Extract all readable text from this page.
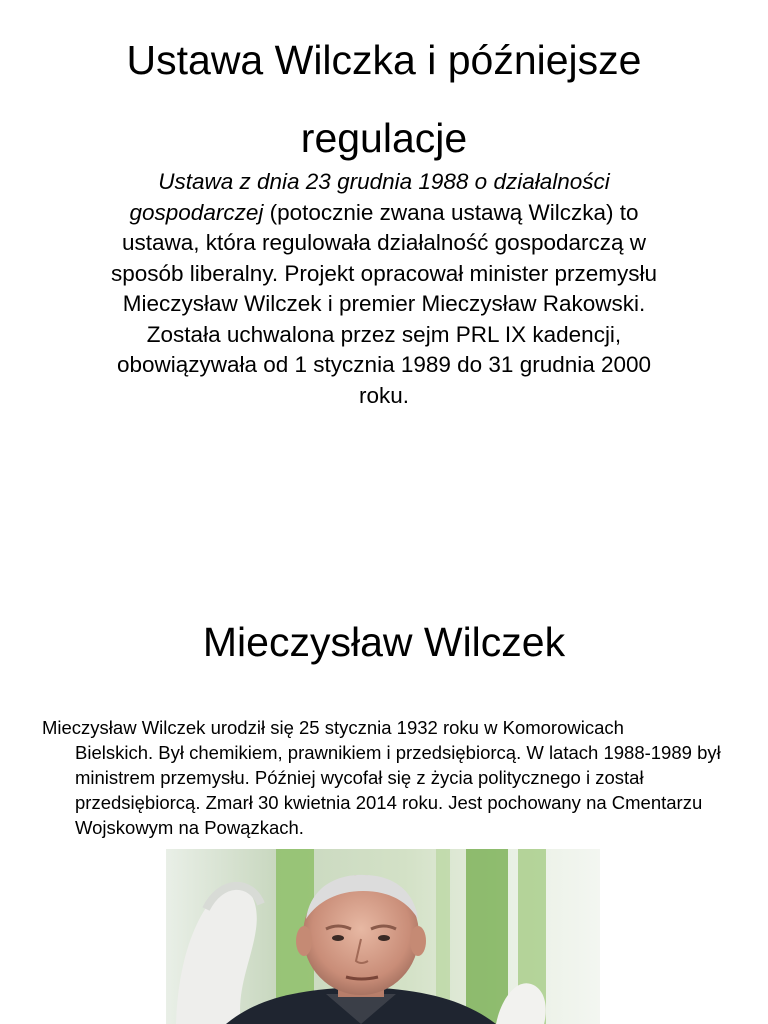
Ustawa Wilczka i późniejsze
regulacje

Ustawa z dnia 23 grudnia 1988 o działalności gospodarczej (potocznie zwana ustawą Wilczka) to ustawa, która regulowała działalność gospodarczą w sposób liberalny. Projekt opracował minister przemysłu Mieczysław Wilczek i premier Mieczysław Rakowski. Została uchwalona przez sejm PRL IX kadencji, obowiązywała od 1 stycznia 1989 do 31 grudnia 2000 roku.

Mieczysław Wilczek

Mieczysław Wilczek urodził się 25 stycznia 1932 roku w Komorowicach
Bielskich. Był chemikiem, prawnikiem i przedsiębiorcą. W latach 1988-1989 był ministrem przemysłu. Później wycofał się z życia politycznego i został przedsiębiorcą. Zmarł 30 kwietnia 2014 roku. Jest pochowany na Cmentarzu Wojskowym na Powązkach.
